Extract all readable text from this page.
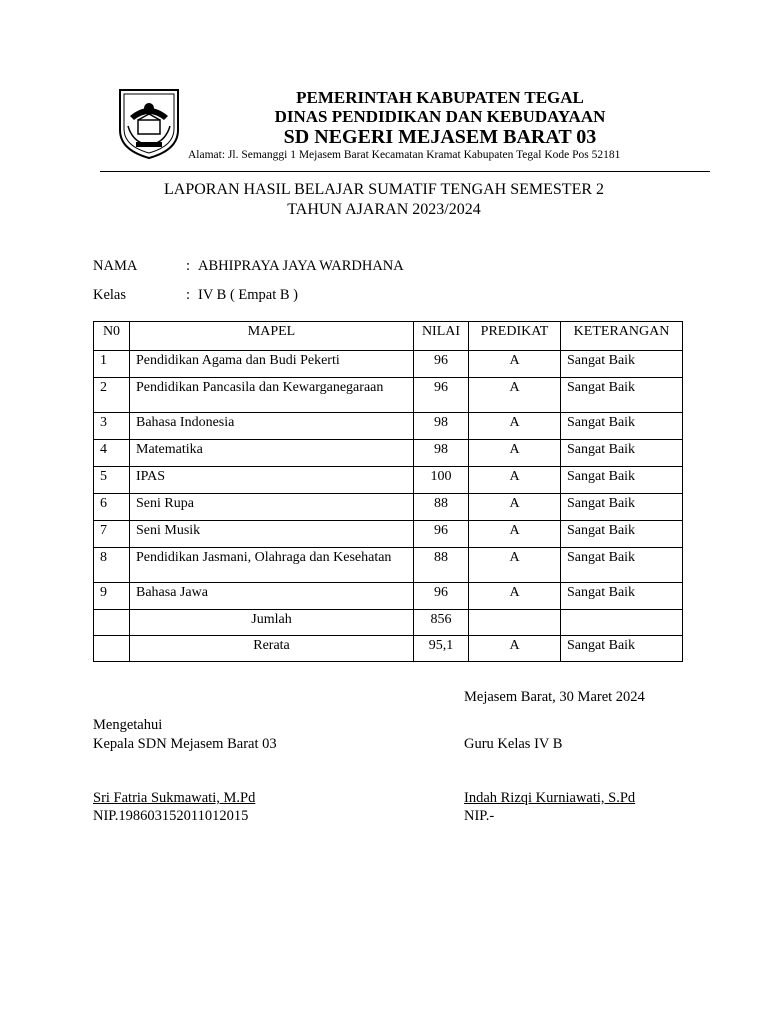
PEMERINTAH KABUPATEN TEGAL
DINAS PENDIDIKAN DAN KEBUDAYAAN
SD NEGERI MEJASEM BARAT 03
Alamat: Jl. Semanggi 1 Mejasem Barat Kecamatan Kramat Kabupaten Tegal Kode Pos 52181
LAPORAN HASIL BELAJAR SUMATIF TENGAH SEMESTER 2
TAHUN AJARAN 2023/2024
NAMA	: ABHIPRAYA JAYA WARDHANA
Kelas	: IV B ( Empat B )
N0	MAPEL	NILAI	PREDIKAT	KETERANGAN
1	Pendidikan Agama dan Budi Pekerti	96	A	Sangat Baik
2	Pendidikan Pancasila dan Kewarganegaraan	96	A	Sangat Baik
3	Bahasa Indonesia	98	A	Sangat Baik
4	Matematika	98	A	Sangat Baik
5	IPAS	100	A	Sangat Baik
6	Seni Rupa	88	A	Sangat Baik
7	Seni Musik	96	A	Sangat Baik
8	Pendidikan Jasmani, Olahraga dan Kesehatan	88	A	Sangat Baik
9	Bahasa Jawa	96	A	Sangat Baik
	Jumlah	856		
	Rerata	95,1	A	Sangat Baik
Mejasem Barat, 30 Maret 2024
Mengetahui
Kepala SDN Mejasem Barat 03	Guru Kelas IV B
Sri Fatria Sukmawati, M.Pd	Indah Rizqi Kurniawati, S.Pd
NIP.198603152011012015	NIP.-
